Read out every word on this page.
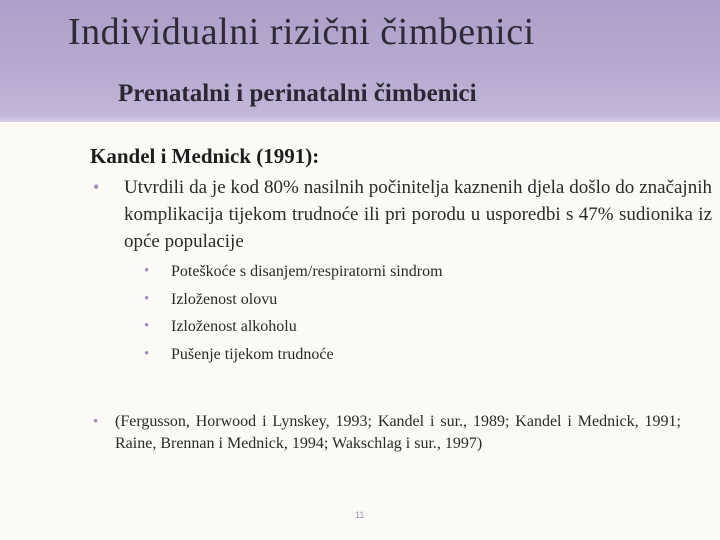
Individualni rizični čimbenici
Prenatalni i perinatalni čimbenici
Kandel i Mednick (1991):
• Utvrdili da je kod 80% nasilnih počinitelja kaznenih djela došlo do značajnih komplikacija tijekom trudnoće ili pri porodu u usporedbi s 47% sudionika iz opće populacije
• Poteškoće s disanjem/respiratorni sindrom
• Izloženost olovu
• Izloženost alkoholu
• Pušenje tijekom trudnoće
• (Fergusson, Horwood i Lynskey, 1993; Kandel i sur., 1989; Kandel i Mednick, 1991; Raine, Brennan i Mednick, 1994; Wakschlag i sur., 1997)
11
